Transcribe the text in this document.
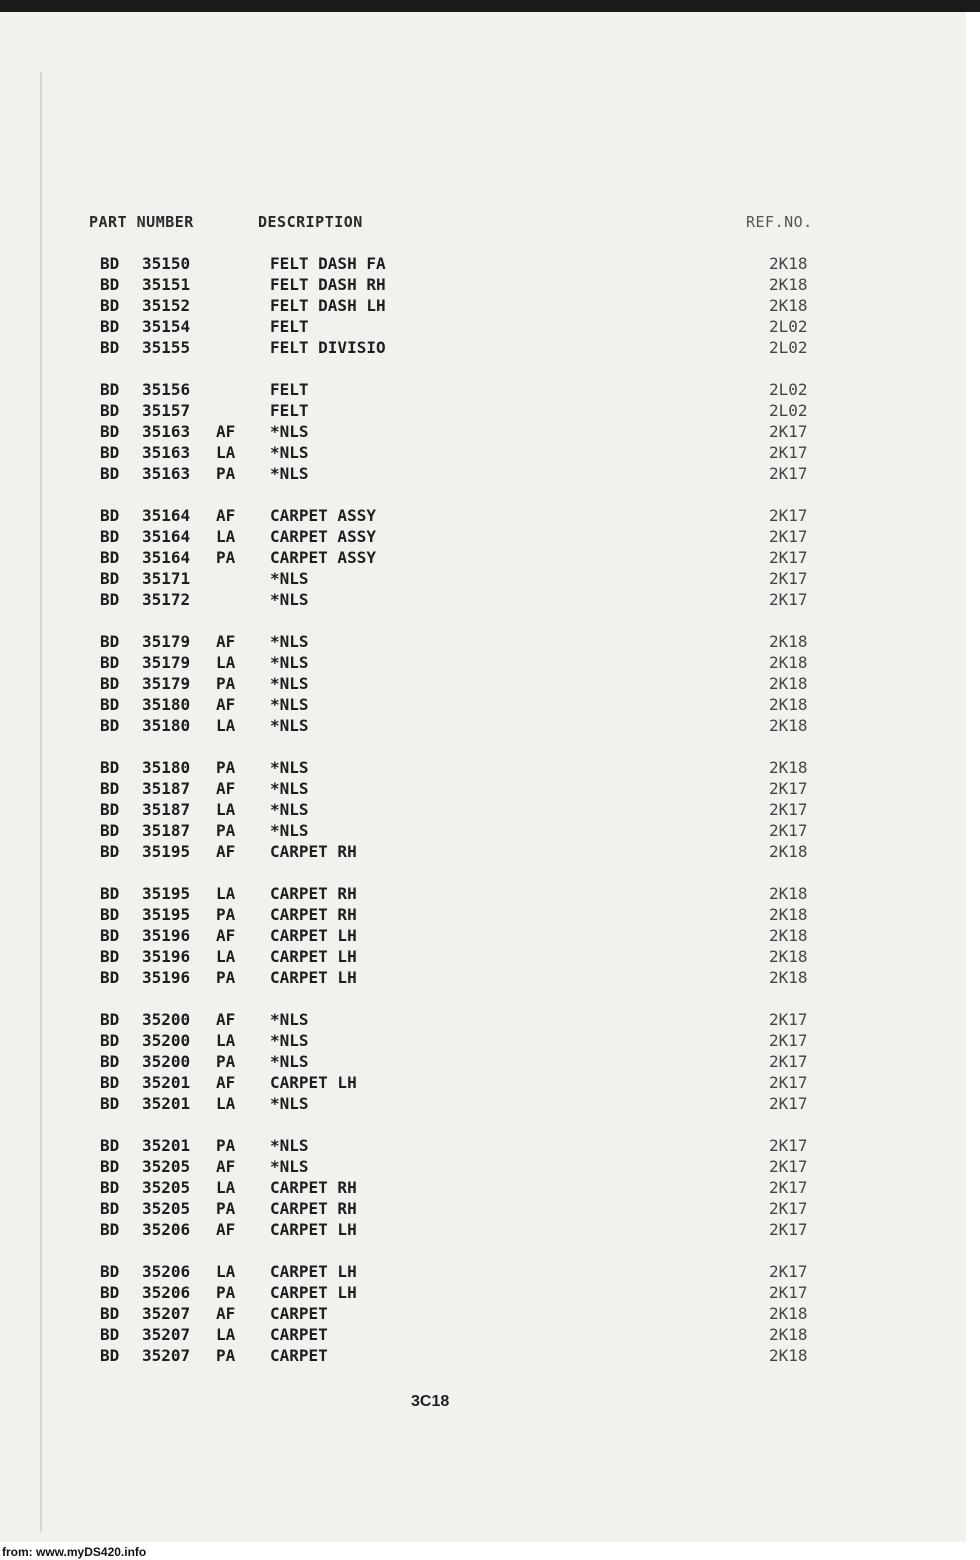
PART NUMBER	DESCRIPTION	REF.NO.
BD 35150	FELT DASH FA	2K18
BD 35151	FELT DASH RH	2K18
BD 35152	FELT DASH LH	2K18
BD 35154	FELT	2L02
BD 35155	FELT DIVISIO	2L02
BD 35156	FELT	2L02
BD 35157	FELT	2L02
BD 35163 AF *NLS	2K17
BD 35163 LA *NLS	2K17
BD 35163 PA *NLS	2K17
BD 35164 AF CARPET ASSY	2K17
BD 35164 LA CARPET ASSY	2K17
BD 35164 PA CARPET ASSY	2K17
BD 35171	*NLS	2K17
BD 35172	*NLS	2K17
BD 35179 AF *NLS	2K18
BD 35179 LA *NLS	2K18
BD 35179 PA *NLS	2K18
BD 35180 AF *NLS	2K18
BD 35180 LA *NLS	2K18
BD 35180 PA *NLS	2K18
BD 35187 AF *NLS	2K17
BD 35187 LA *NLS	2K17
BD 35187 PA *NLS	2K17
BD 35195 AF CARPET RH	2K18
BD 35195 LA CARPET RH	2K18
BD 35195 PA CARPET RH	2K18
BD 35196 AF CARPET LH	2K18
BD 35196 LA CARPET LH	2K18
BD 35196 PA CARPET LH	2K18
BD 35200 AF *NLS	2K17
BD 35200 LA *NLS	2K17
BD 35200 PA *NLS	2K17
BD 35201 AF CARPET LH	2K17
BD 35201 LA *NLS	2K17
BD 35201 PA *NLS	2K17
BD 35205 AF *NLS	2K17
BD 35205 LA CARPET RH	2K17
BD 35205 PA CARPET RH	2K17
BD 35206 AF CARPET LH	2K17
BD 35206 LA CARPET LH	2K17
BD 35206 PA CARPET LH	2K17
BD 35207 AF CARPET	2K18
BD 35207 LA CARPET	2K18
BD 35207 PA CARPET	2K18
3C18
from: www.myDS420.info
